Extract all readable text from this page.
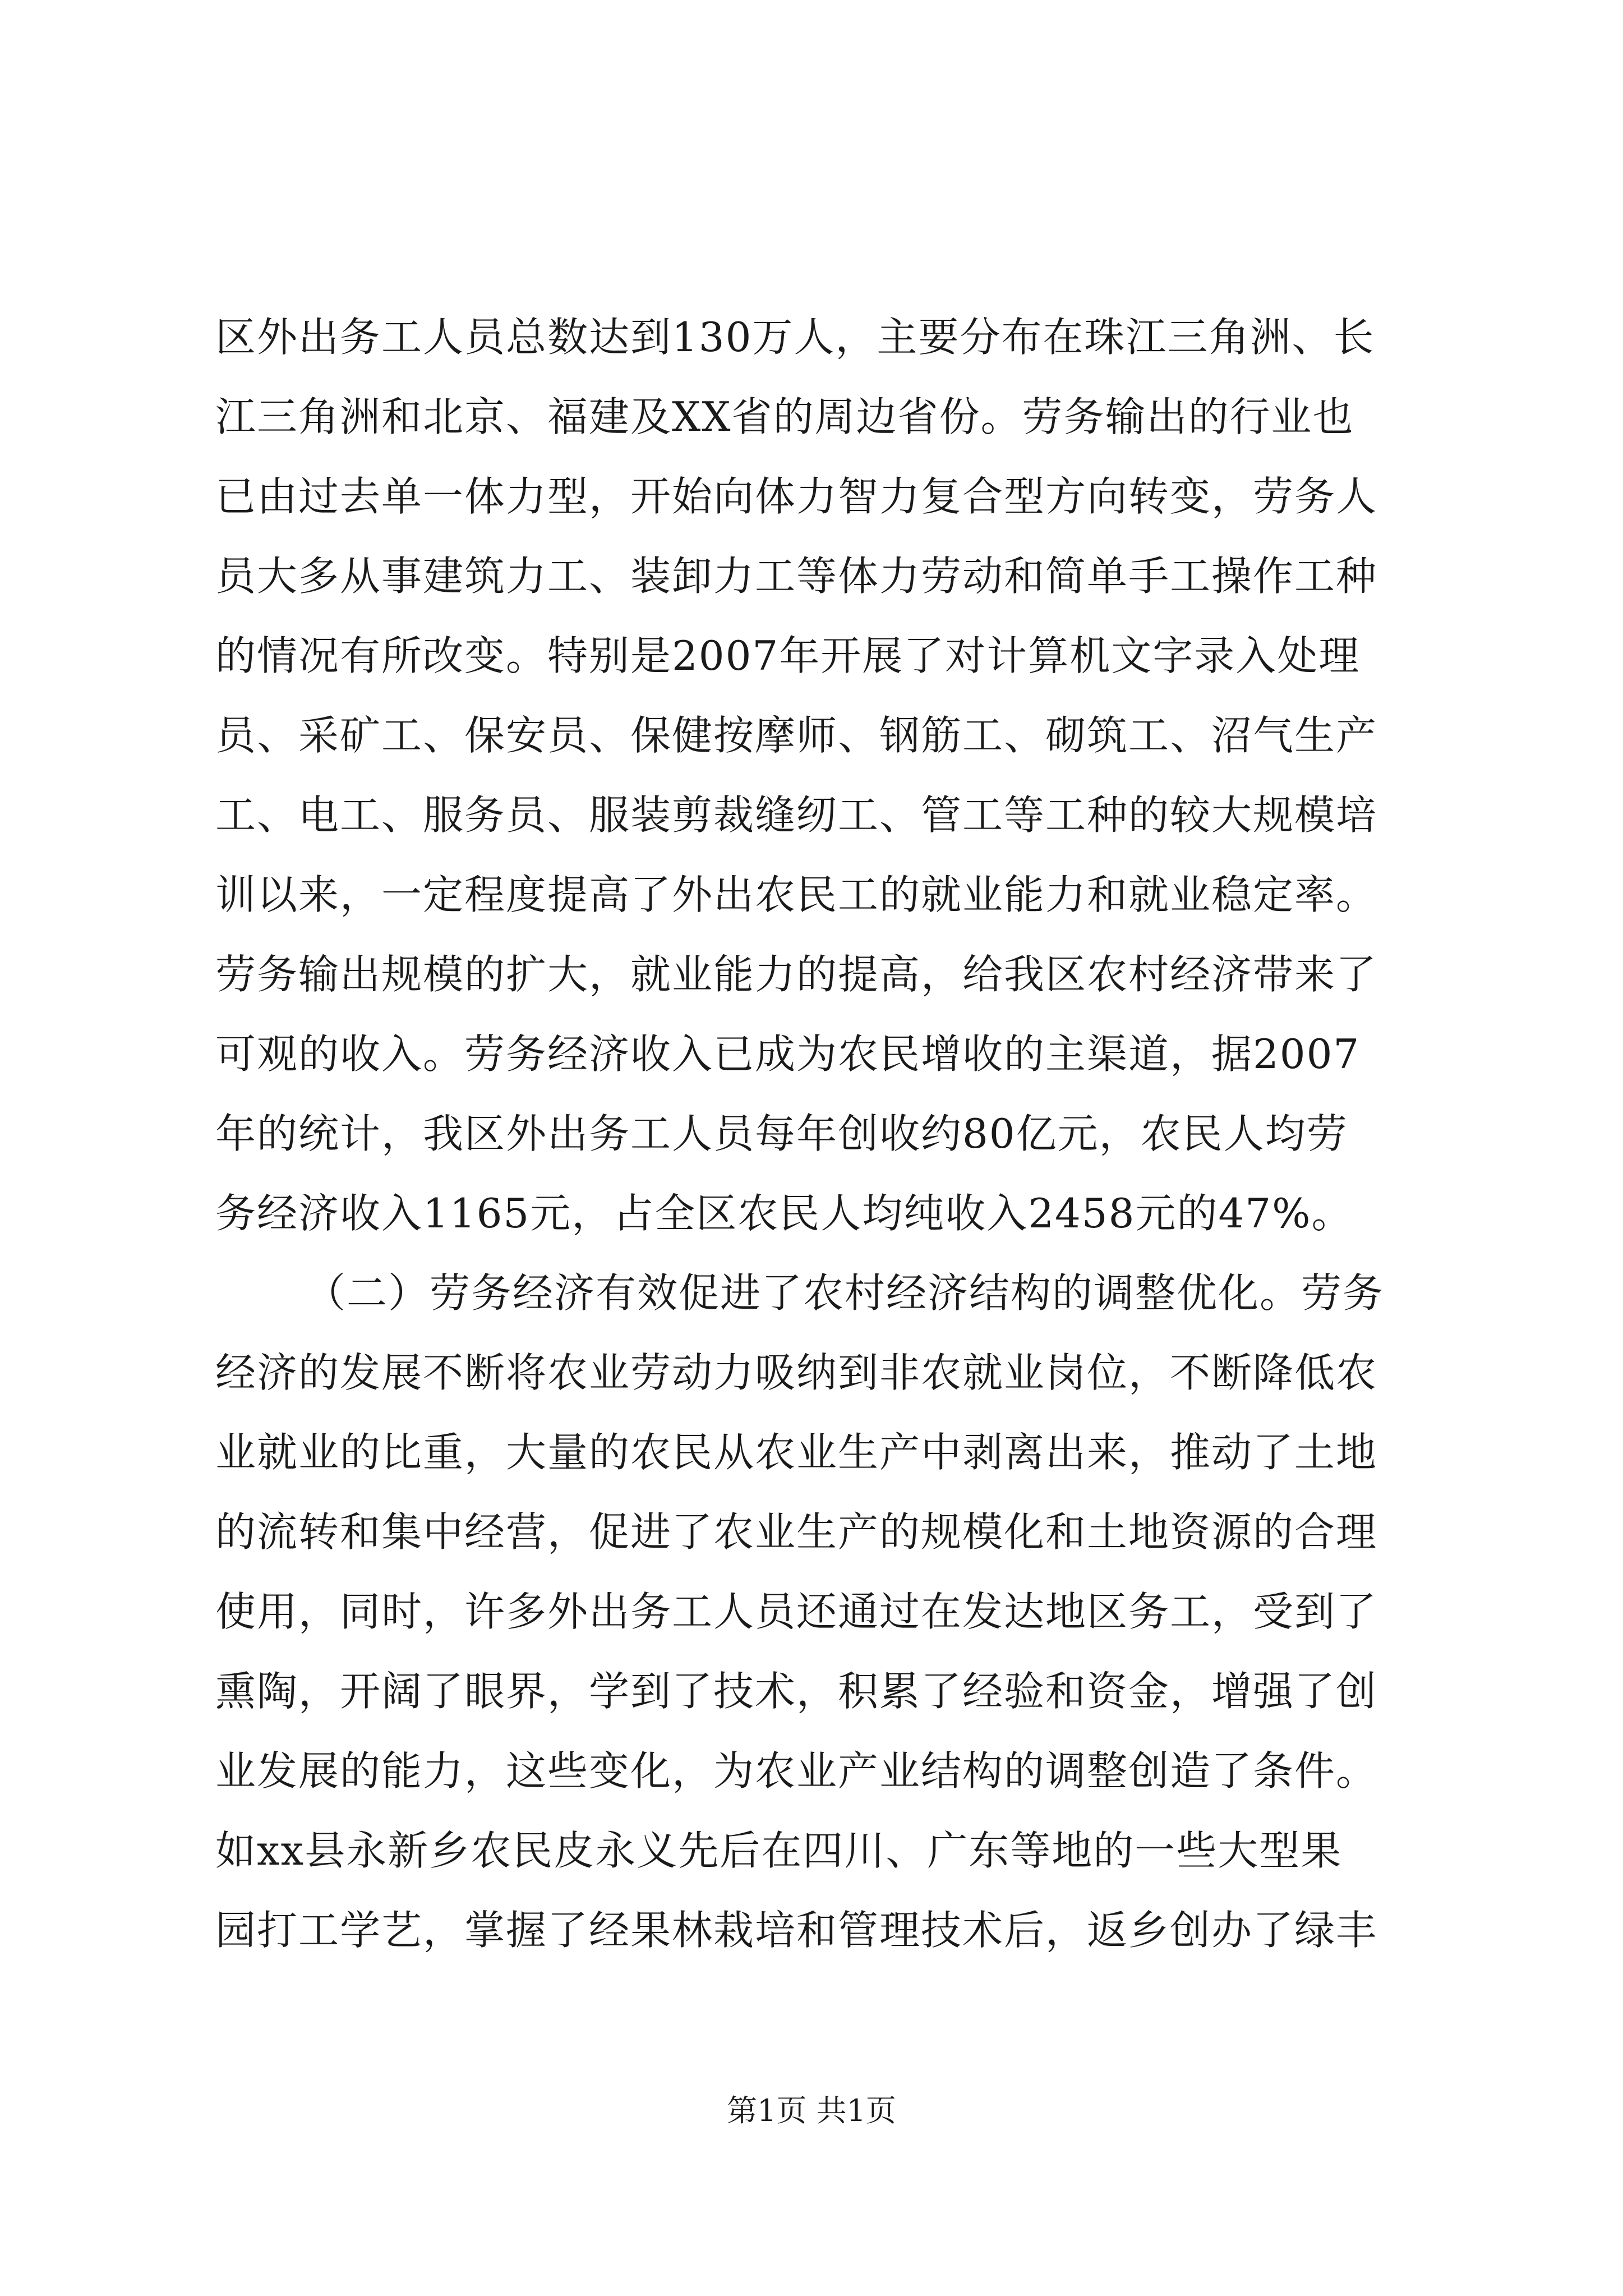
区外出务工人员总数达到130万人，主要分布在珠江三角洲、长
江三角洲和北京、福建及XX省的周边省份。劳务输出的行业也
已由过去单一体力型，开始向体力智力复合型方向转变，劳务人
员大多从事建筑力工、装卸力工等体力劳动和简单手工操作工种
的情况有所改变。特别是2007年开展了对计算机文字录入处理
员、采矿工、保安员、保健按摩师、钢筋工、砌筑工、沼气生产
工、电工、服务员、服装剪裁缝纫工、管工等工种的较大规模培
训以来，一定程度提高了外出农民工的就业能力和就业稳定率。
劳务输出规模的扩大，就业能力的提高，给我区农村经济带来了
可观的收入。劳务经济收入已成为农民增收的主渠道，据2007
年的统计，我区外出务工人员每年创收约80亿元，农民人均劳
务经济收入1165元，占全区农民人均纯收入2458元的47%。
（二）劳务经济有效促进了农村经济结构的调整优化。劳务
经济的发展不断将农业劳动力吸纳到非农就业岗位，不断降低农
业就业的比重，大量的农民从农业生产中剥离出来，推动了土地
的流转和集中经营，促进了农业生产的规模化和土地资源的合理
使用，同时，许多外出务工人员还通过在发达地区务工，受到了
熏陶，开阔了眼界，学到了技术，积累了经验和资金，增强了创
业发展的能力，这些变化，为农业产业结构的调整创造了条件。
如xx县永新乡农民皮永义先后在四川、广东等地的一些大型果
园打工学艺，掌握了经果林栽培和管理技术后，返乡创办了绿丰
第1页 共1页
